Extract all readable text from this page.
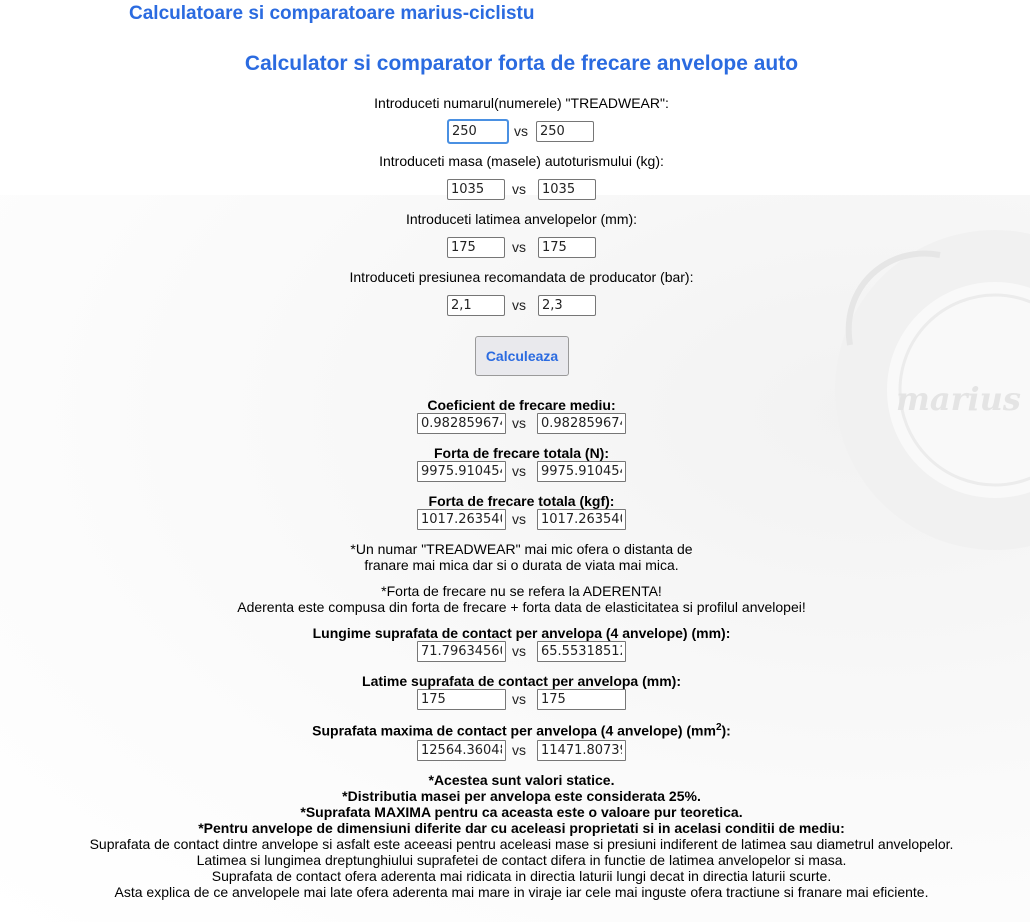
marius
Calculatoare si comparatoare marius-ciclistu
Calculator si comparator forta de frecare anvelope auto
Introduceti numarul(numerele) "TREADWEAR":
250
vs
250
Introduceti masa (masele) autoturismului (kg):
1035
vs
1035
Introduceti latimea anvelopelor (mm):
175
vs
175
Introduceti presiunea recomandata de producator (bar):
2,1
vs
2,3
Calculeaza
Coeficient de frecare mediu:
0.9828596743
vs
0.9828596743
Forta de frecare totala (N):
9975.910454
vs
9975.910454
Forta de frecare totala (kgf):
1017.263540
vs
1017.263540
*Un numar "TREADWEAR" mai mic ofera o distanta de
franare mai mica dar si o durata de viata mai mica.
*Forta de frecare nu se refera la ADERENTA!
Aderenta este compusa din forta de frecare + forta data de elasticitatea si profilul anvelopei!
Lungime suprafata de contact per anvelopa (4 anvelope) (mm):
71.79634560
vs
65.55318512
Latime suprafata de contact per anvelopa (mm):
175
vs
175
Suprafata maxima de contact per anvelopa (4 anvelope) $(mm^2)$:
12564.36048
vs
11471.80739
*Acestea sunt valori statice.
*Distributia masei per anvelopa este considerata 25%.
*Suprafata MAXIMA pentru ca aceasta este o valoare pur teoretica.
*Pentru anvelope de dimensiuni diferite dar cu aceleasi proprietati si in acelasi conditii de mediu:
Suprafata de contact dintre anvelope si asfalt este aceeasi pentru aceleasi mase si presiuni indiferent de latimea sau diametrul anvelopelor.
Latimea si lungimea dreptunghiului suprafetei de contact difera in functie de latimea anvelopelor si masa.
Suprafata de contact ofera aderenta mai ridicata in directia laturii lungi decat in directia laturii scurte.
Asta explica de ce anvelopele mai late ofera aderenta mai mare in viraje iar cele mai inguste ofera tractiune si franare mai eficiente.
